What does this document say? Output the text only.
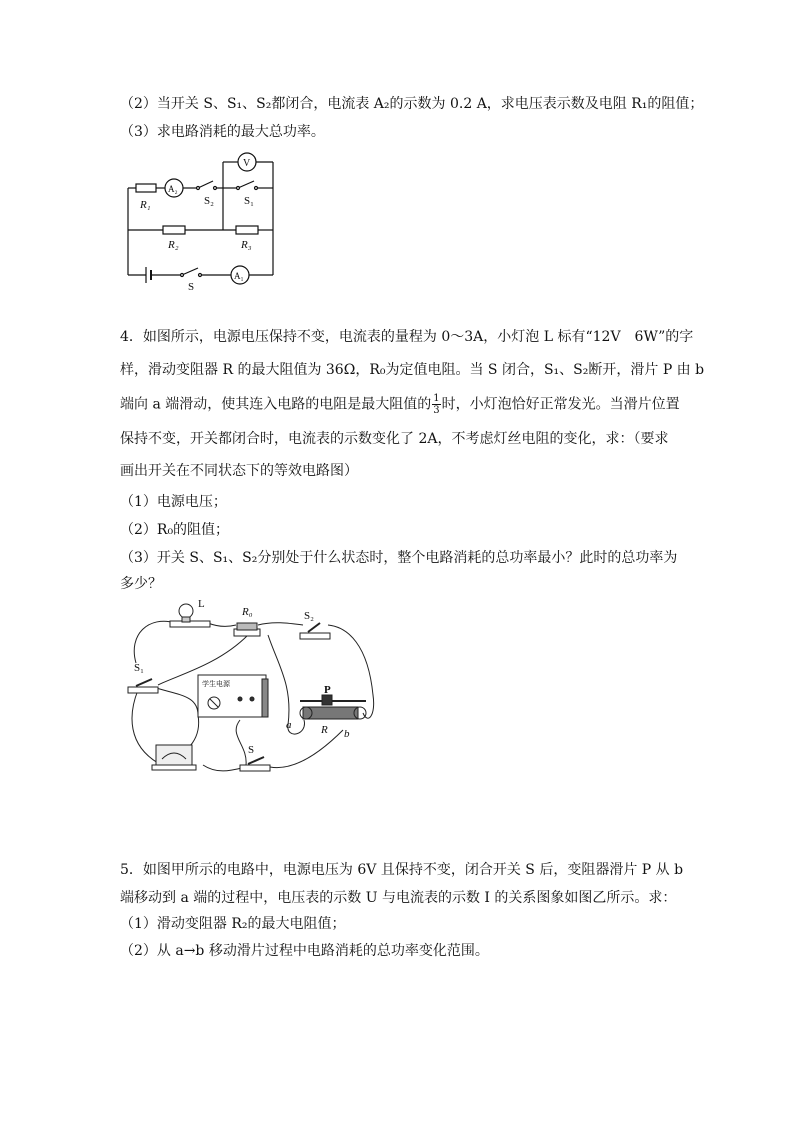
（2）当开关 S、S₁、S₂都闭合，电流表 A₂的示数为 0.2 A，求电压表示数及电阻 R₁的阻值；
（3）求电路消耗的最大总功率。
A₂
V
A₁
R₁	S₂	S₁
R₂	R₃
S
4．如图所示，电源电压保持不变，电流表的量程为 0～3A，小灯泡 L 标有“12V　6W”的字
样，滑动变阻器 R 的最大阻值为 36Ω，R₀为定值电阻。当 S 闭合，S₁、S₂断开，滑片 P 由 b
端向 a 端滑动，使其连入电路的电阻是最大阻值的 $\frac{1}{3}$ 时，小灯泡恰好正常发光。当滑片位置
保持不变，开关都闭合时，电流表的示数变化了 2A，不考虑灯丝电阻的变化，求：（要求
画出开关在不同状态下的等效电路图）
（1）电源电压；
（2）R₀的阻值；
（3）开关 S、S₁、S₂分别处于什么状态时，整个电路消耗的总功率最小？此时的总功率为
多少？
L
R₀	S₂
S₁
学生电源	P
a	R b
S
5．如图甲所示的电路中，电源电压为 6V 且保持不变，闭合开关 S 后，变阻器滑片 P 从 b
端移动到 a 端的过程中，电压表的示数 U 与电流表的示数 I 的关系图象如图乙所示。求：
（1）滑动变阻器 R₂的最大电阻值；
（2）从 a→b 移动滑片过程中电路消耗的总功率变化范围。
